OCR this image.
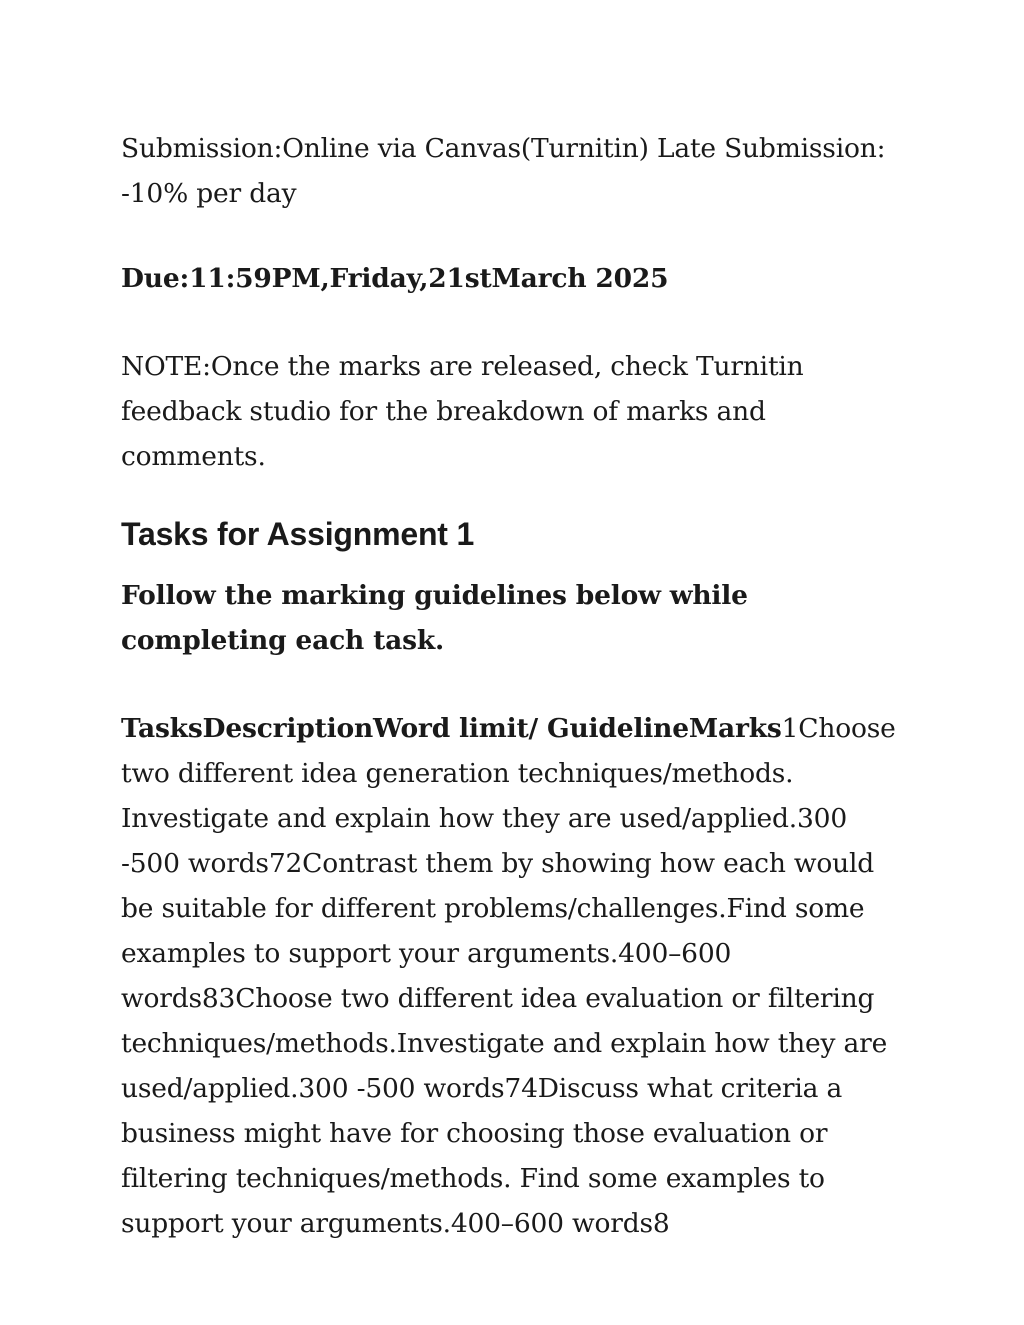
Submission:Online via Canvas(Turnitin) Late Submission: -10% per day

Due:11:59PM,Friday,21stMarch 2025

NOTE:Once the marks are released, check Turnitin feedback studio for the breakdown of marks and comments.

Tasks for Assignment 1

Follow the marking guidelines below while completing each task.

TasksDescriptionWord limit/ GuidelineMarks1Choose two different idea generation techniques/methods. Investigate and explain how they are used/applied.300 -500 words72Contrast them by showing how each would be suitable for different problems/challenges.Find some examples to support your arguments.400–600 words83Choose two different idea evaluation or filtering techniques/methods.Investigate and explain how they are used/applied.300 -500 words74Discuss what criteria a business might have for choosing those evaluation or filtering techniques/methods. Find some examples to support your arguments.400–600 words8
